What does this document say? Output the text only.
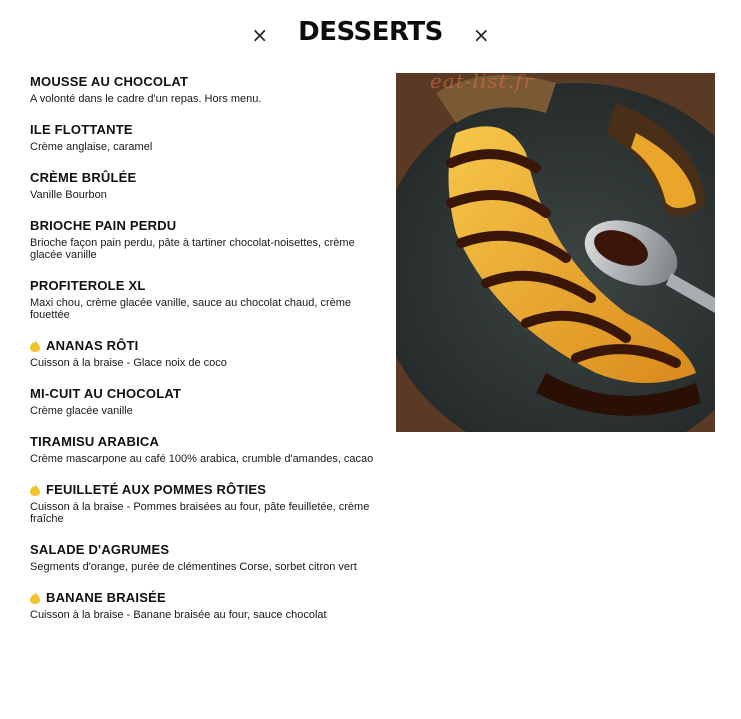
× DESSERTS ×
MOUSSE AU CHOCOLAT
A volonté dans le cadre d'un repas. Hors menu.
ILE FLOTTANTE
Crème anglaise, caramel
CRÈME BRÛLÉE
Vanille Bourbon
BRIOCHE PAIN PERDU
Brioche façon pain perdu, pâte à tartiner chocolat-noisettes, crème glacée vanille
PROFITEROLE XL
Maxi chou, crème glacée vanille, sauce au chocolat chaud, crème fouettée
ANANAS RÔTI
Cuisson à la braise - Glace noix de coco
MI-CUIT AU CHOCOLAT
Crème glacée vanille
TIRAMISU ARABICA
Crème mascarpone au café 100% arabica, crumble d'amandes, cacao
FEUILLETÉ AUX POMMES RÔTIES
Cuisson à la braise - Pommes braisées au four, pâte feuilletée, crème fraîche
SALADE D'AGRUMES
Segments d'orange, purée de clémentines Corse, sorbet citron vert
BANANE BRAISÉE
Cuisson à la braise - Banane braisée au four, sauce chocolat
eat-list.fr
